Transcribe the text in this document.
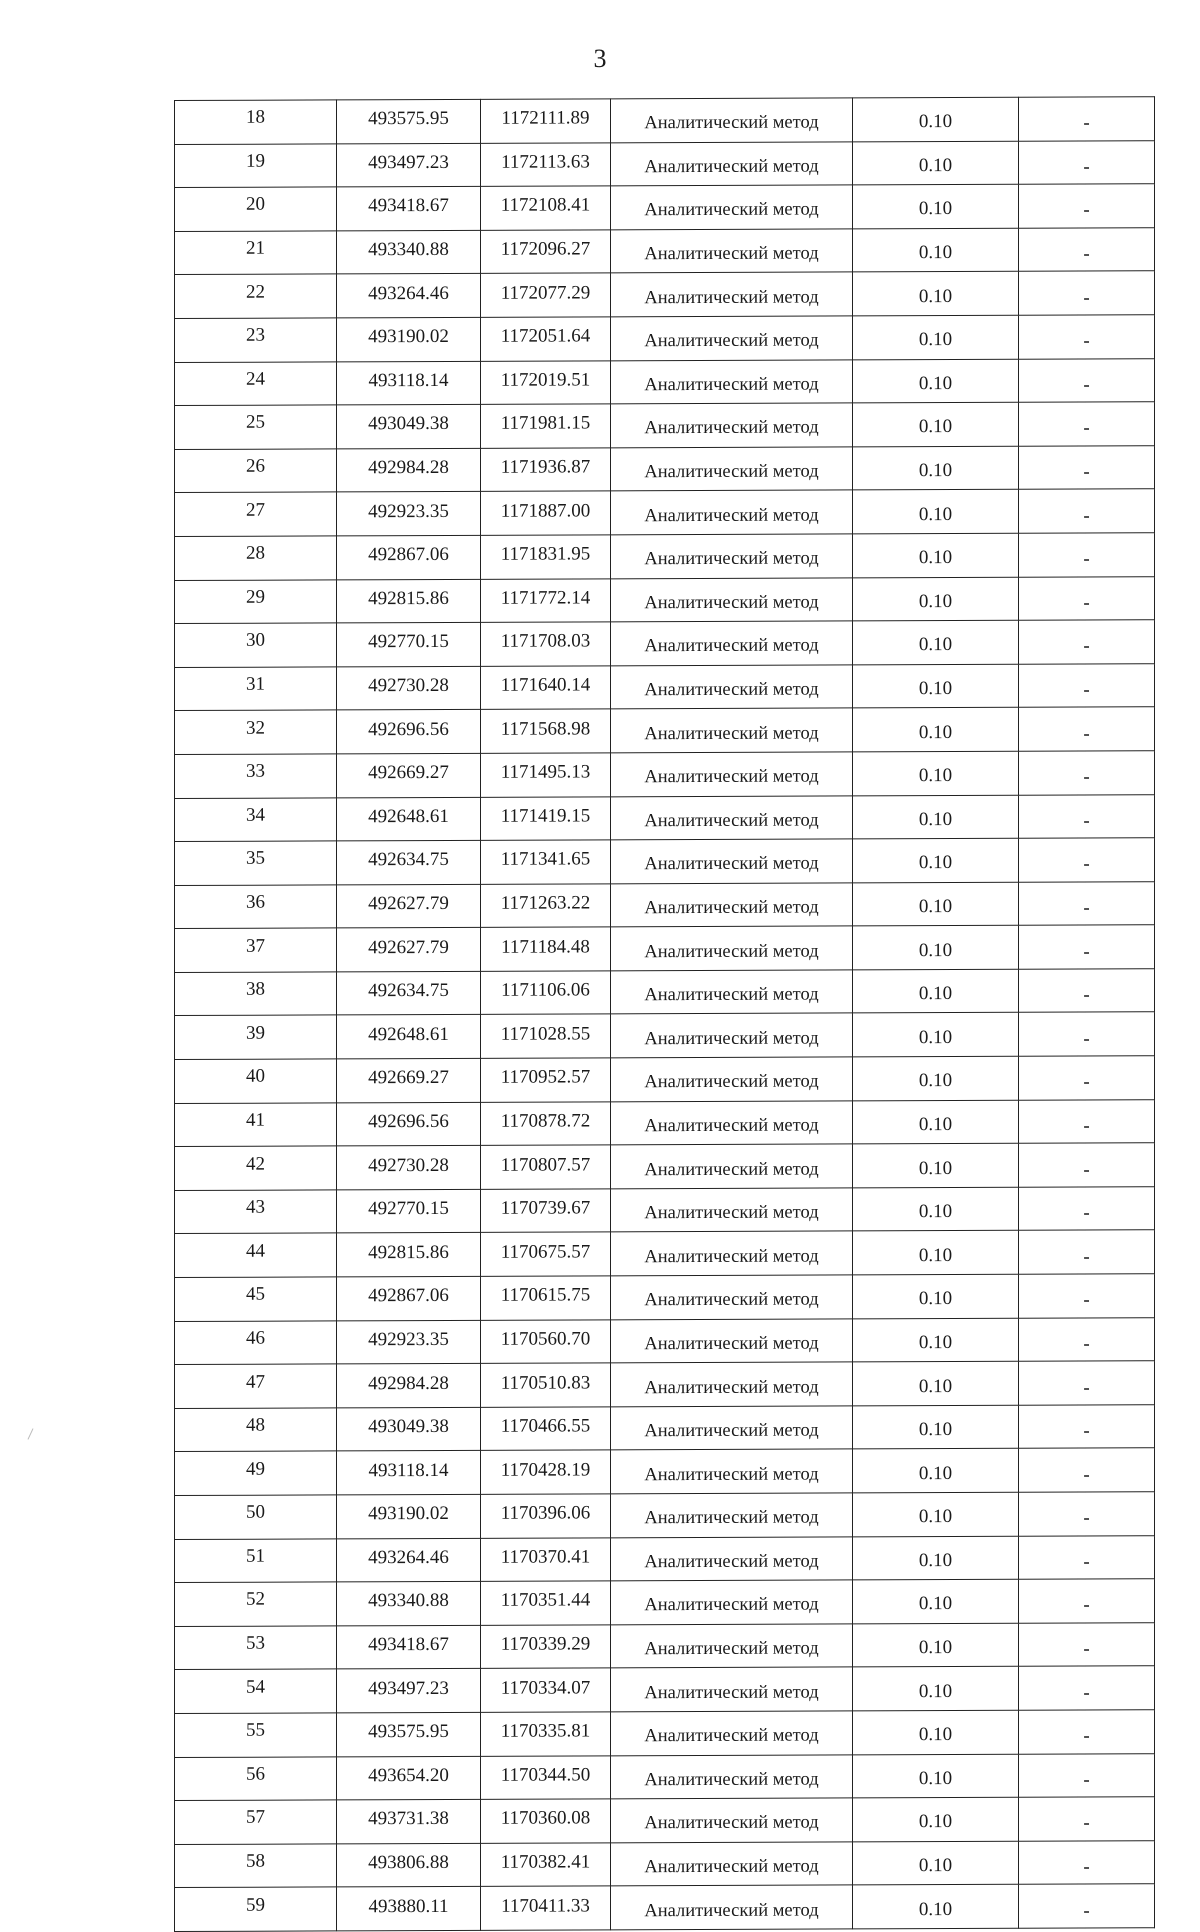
3
18	493575.95	1172111.89	Аналитический метод	0.10	-
19	493497.23	1172113.63	Аналитический метод	0.10	-
20	493418.67	1172108.41	Аналитический метод	0.10	-
21	493340.88	1172096.27	Аналитический метод	0.10	-
22	493264.46	1172077.29	Аналитический метод	0.10	-
23	493190.02	1172051.64	Аналитический метод	0.10	-
24	493118.14	1172019.51	Аналитический метод	0.10	-
25	493049.38	1171981.15	Аналитический метод	0.10	-
26	492984.28	1171936.87	Аналитический метод	0.10	-
27	492923.35	1171887.00	Аналитический метод	0.10	-
28	492867.06	1171831.95	Аналитический метод	0.10	-
29	492815.86	1171772.14	Аналитический метод	0.10	-
30	492770.15	1171708.03	Аналитический метод	0.10	-
31	492730.28	1171640.14	Аналитический метод	0.10	-
32	492696.56	1171568.98	Аналитический метод	0.10	-
33	492669.27	1171495.13	Аналитический метод	0.10	-
34	492648.61	1171419.15	Аналитический метод	0.10	-
35	492634.75	1171341.65	Аналитический метод	0.10	-
36	492627.79	1171263.22	Аналитический метод	0.10	-
37	492627.79	1171184.48	Аналитический метод	0.10	-
38	492634.75	1171106.06	Аналитический метод	0.10	-
39	492648.61	1171028.55	Аналитический метод	0.10	-
40	492669.27	1170952.57	Аналитический метод	0.10	-
41	492696.56	1170878.72	Аналитический метод	0.10	-
42	492730.28	1170807.57	Аналитический метод	0.10	-
43	492770.15	1170739.67	Аналитический метод	0.10	-
44	492815.86	1170675.57	Аналитический метод	0.10	-
45	492867.06	1170615.75	Аналитический метод	0.10	-
46	492923.35	1170560.70	Аналитический метод	0.10	-
47	492984.28	1170510.83	Аналитический метод	0.10	-
48	493049.38	1170466.55	Аналитический метод	0.10	-
49	493118.14	1170428.19	Аналитический метод	0.10	-
50	493190.02	1170396.06	Аналитический метод	0.10	-
51	493264.46	1170370.41	Аналитический метод	0.10	-
52	493340.88	1170351.44	Аналитический метод	0.10	-
53	493418.67	1170339.29	Аналитический метод	0.10	-
54	493497.23	1170334.07	Аналитический метод	0.10	-
55	493575.95	1170335.81	Аналитический метод	0.10	-
56	493654.20	1170344.50	Аналитический метод	0.10	-
57	493731.38	1170360.08	Аналитический метод	0.10	-
58	493806.88	1170382.41	Аналитический метод	0.10	-
59	493880.11	1170411.33	Аналитический метод	0.10	-
